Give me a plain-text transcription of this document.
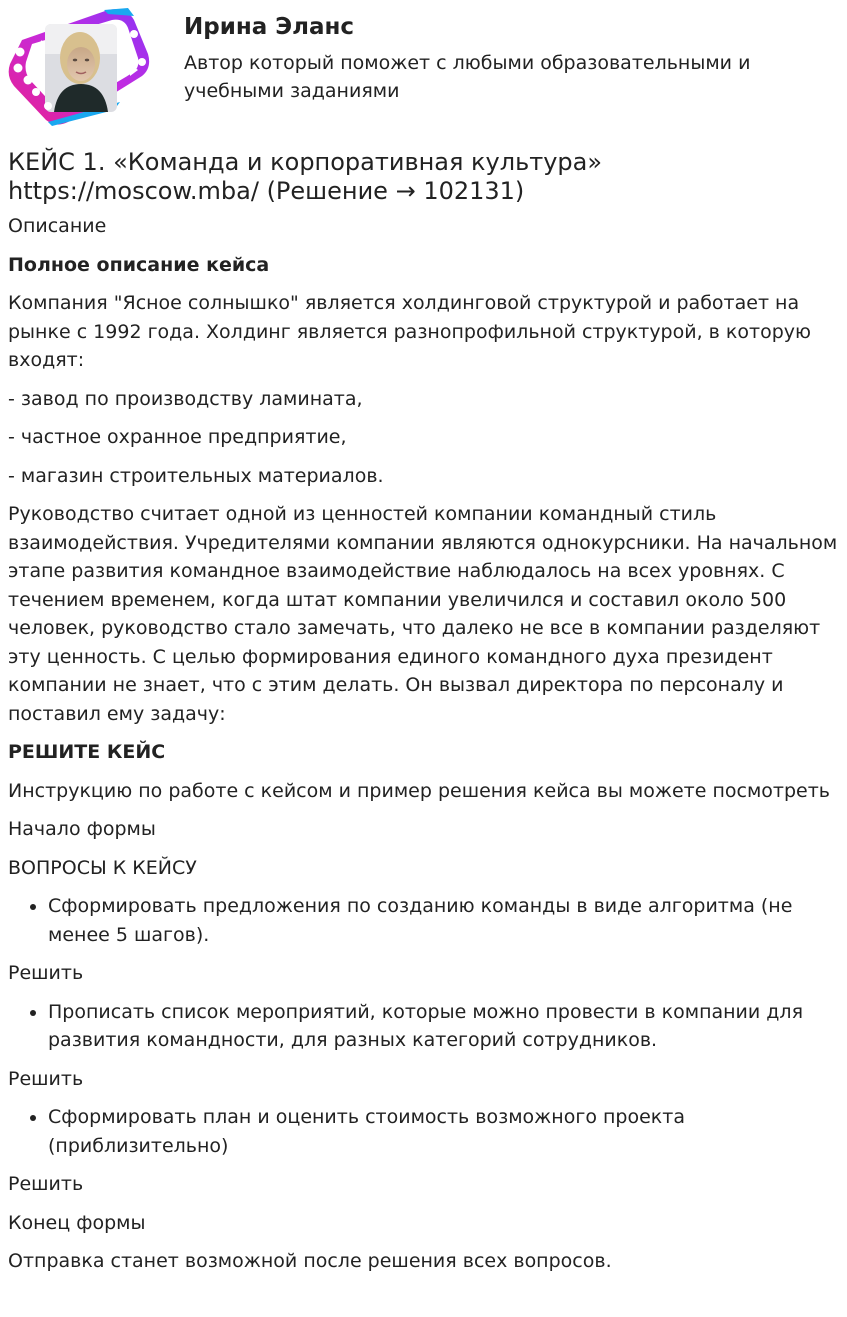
Ирина Эланс
Автор который поможет с любыми образовательными и учебными заданиями
КЕЙС 1. «Команда и корпоративная культура» https://moscow.mba/ (Решение → 102131)

Описание

Полное описание кейса

Компания "Ясное солнышко" является холдинговой структурой и работает на рынке с 1992 года. Холдинг является разнопрофильной структурой, в которую входят:

- завод по производству ламината,

- частное охранное предприятие,

- магазин строительных материалов.

Руководство считает одной из ценностей компании командный стиль взаимодействия. Учредителями компании являются однокурсники. На начальном этапе развития командное взаимодействие наблюдалось на всех уровнях. С течением временем, когда штат компании увеличился и составил около 500 человек, руководство стало замечать, что далеко не все в компании разделяют эту ценность. С целью формирования единого командного духа президент компании не знает, что с этим делать. Он вызвал директора по персоналу и поставил ему задачу:

РЕШИТЕ КЕЙС

Инструкцию по работе с кейсом и пример решения кейса вы можете посмотреть

Начало формы

ВОПРОСЫ К КЕЙСУ

• Сформировать предложения по созданию команды в виде алгоритма (не менее 5 шагов).

Решить

• Прописать список мероприятий, которые можно провести в компании для развития командности, для разных категорий сотрудников.

Решить

• Сформировать план и оценить стоимость возможного проекта (приблизительно)

Решить

Конец формы

Отправка станет возможной после решения всех вопросов.
